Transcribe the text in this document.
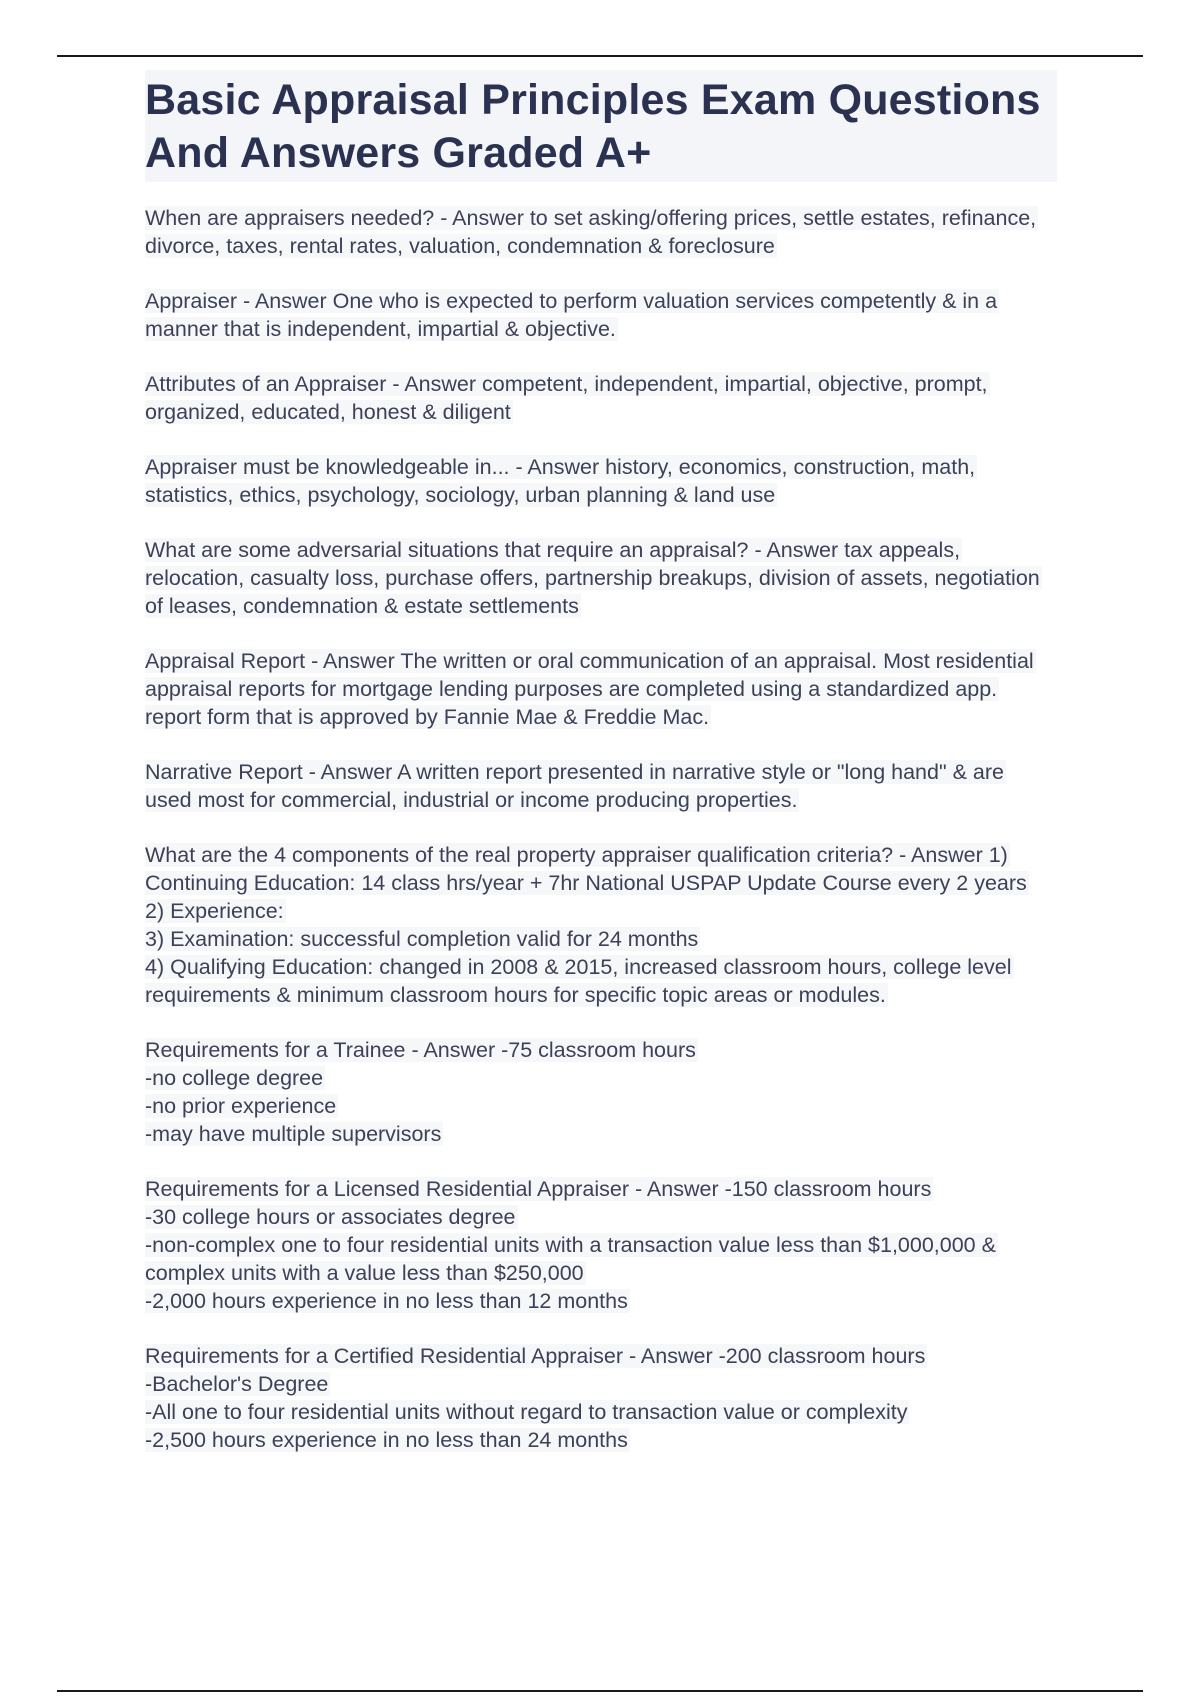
Basic Appraisal Principles Exam Questions And Answers Graded A+

When are appraisers needed? - Answer to set asking/offering prices, settle estates, refinance, divorce, taxes, rental rates, valuation, condemnation & foreclosure

Appraiser - Answer One who is expected to perform valuation services competently & in a manner that is independent, impartial & objective.

Attributes of an Appraiser - Answer competent, independent, impartial, objective, prompt, organized, educated, honest & diligent

Appraiser must be knowledgeable in... - Answer history, economics, construction, math, statistics, ethics, psychology, sociology, urban planning & land use

What are some adversarial situations that require an appraisal? - Answer tax appeals, relocation, casualty loss, purchase offers, partnership breakups, division of assets, negotiation of leases, condemnation & estate settlements

Appraisal Report - Answer The written or oral communication of an appraisal. Most residential appraisal reports for mortgage lending purposes are completed using a standardized app. report form that is approved by Fannie Mae & Freddie Mac.

Narrative Report - Answer A written report presented in narrative style or "long hand" & are used most for commercial, industrial or income producing properties.

What are the 4 components of the real property appraiser qualification criteria? - Answer 1) Continuing Education: 14 class hrs/year + 7hr National USPAP Update Course every 2 years
2) Experience:
3) Examination: successful completion valid for 24 months
4) Qualifying Education: changed in 2008 & 2015, increased classroom hours, college level requirements & minimum classroom hours for specific topic areas or modules.

Requirements for a Trainee - Answer -75 classroom hours
-no college degree
-no prior experience
-may have multiple supervisors

Requirements for a Licensed Residential Appraiser - Answer -150 classroom hours
-30 college hours or associates degree
-non-complex one to four residential units with a transaction value less than $1,000,000 & complex units with a value less than $250,000
-2,000 hours experience in no less than 12 months

Requirements for a Certified Residential Appraiser - Answer -200 classroom hours
-Bachelor's Degree
-All one to four residential units without regard to transaction value or complexity
-2,500 hours experience in no less than 24 months
